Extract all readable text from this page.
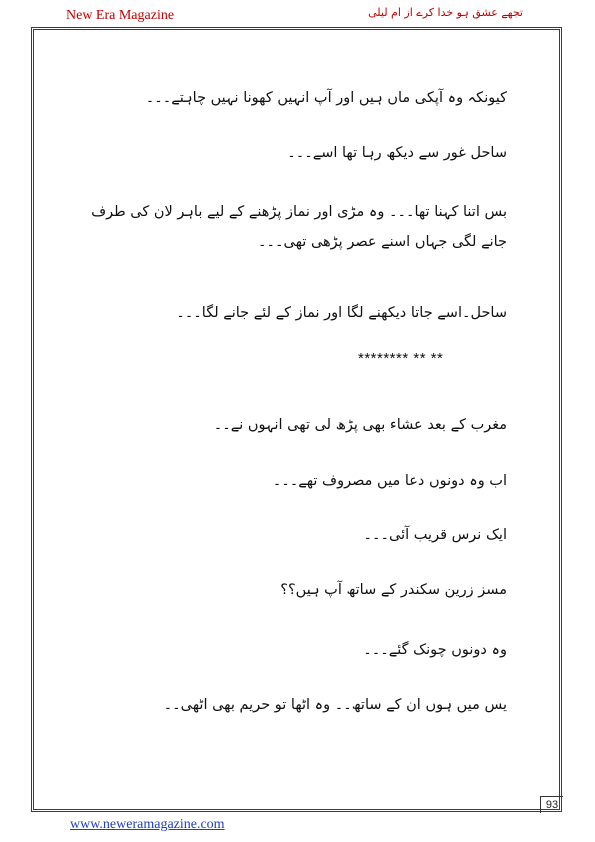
New Era Magazine	تجھے عشق ہو خدا کرے از ام لیلی
کیونکہ وہ آپکی ماں ہیں اور آپ انہیں کھونا نہیں چاہتے۔۔۔
ساحل غور سے دیکھ رہا تھا اسے۔۔۔
بس اتنا کہنا تھا۔۔۔ وہ مڑی اور نماز پڑھنے کے لیے باہر لان کی طرف جانے لگی جہاں اسنے عصر پڑھی تھی۔۔۔
ساحل۔اسے جاتا دیکھنے لگا اور نماز کے لئے جانے لگا۔۔۔
******** ** **
مغرب کے بعد عشاء بھی پڑھ لی تھی انہوں نے۔۔
اب وہ دونوں دعا میں مصروف تھے۔۔۔
ایک نرس قریب آئی۔۔۔
مسز زرین سکندر کے ساتھ آپ ہیں؟؟
وہ دونوں چونک گئے۔۔۔
یس میں ہوں ان کے ساتھ۔۔ وہ اٹھا تو حریم بھی اٹھی۔۔
93
www.neweramagazine.com
